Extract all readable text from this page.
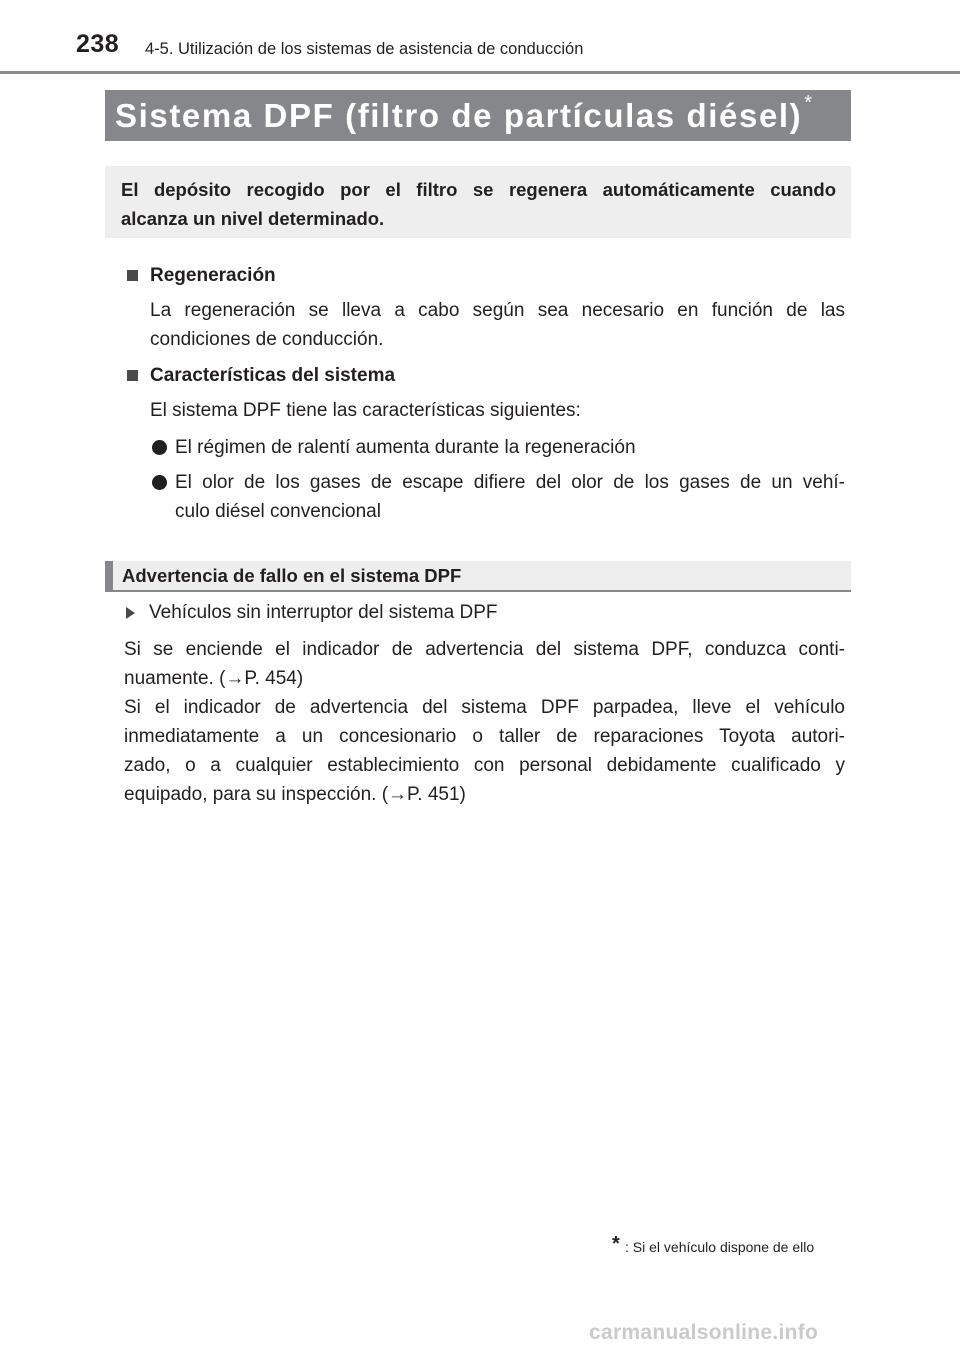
238 4-5. Utilización de los sistemas de asistencia de conducción
Sistema DPF (filtro de partículas diésel) *
El depósito recogido por el filtro se regenera automáticamente cuando
alcanza un nivel determinado.
Regeneración
La regeneración se lleva a cabo según sea necesario en función de las
condiciones de conducción.
Características del sistema
El sistema DPF tiene las características siguientes:
El régimen de ralentí aumenta durante la regeneración
El olor de los gases de escape difiere del olor de los gases de un vehí-
culo diésel convencional
Advertencia de fallo en el sistema DPF
Vehículos sin interruptor del sistema DPF
Si se enciende el indicador de advertencia del sistema DPF, conduzca conti-
nuamente. (→P. 454)
Si el indicador de advertencia del sistema DPF parpadea, lleve el vehículo
inmediatamente a un concesionario o taller de reparaciones Toyota autori-
zado, o a cualquier establecimiento con personal debidamente cualificado y
equipado, para su inspección. (→P. 451)
* : Si el vehículo dispone de ello
carmanualsonline.info
